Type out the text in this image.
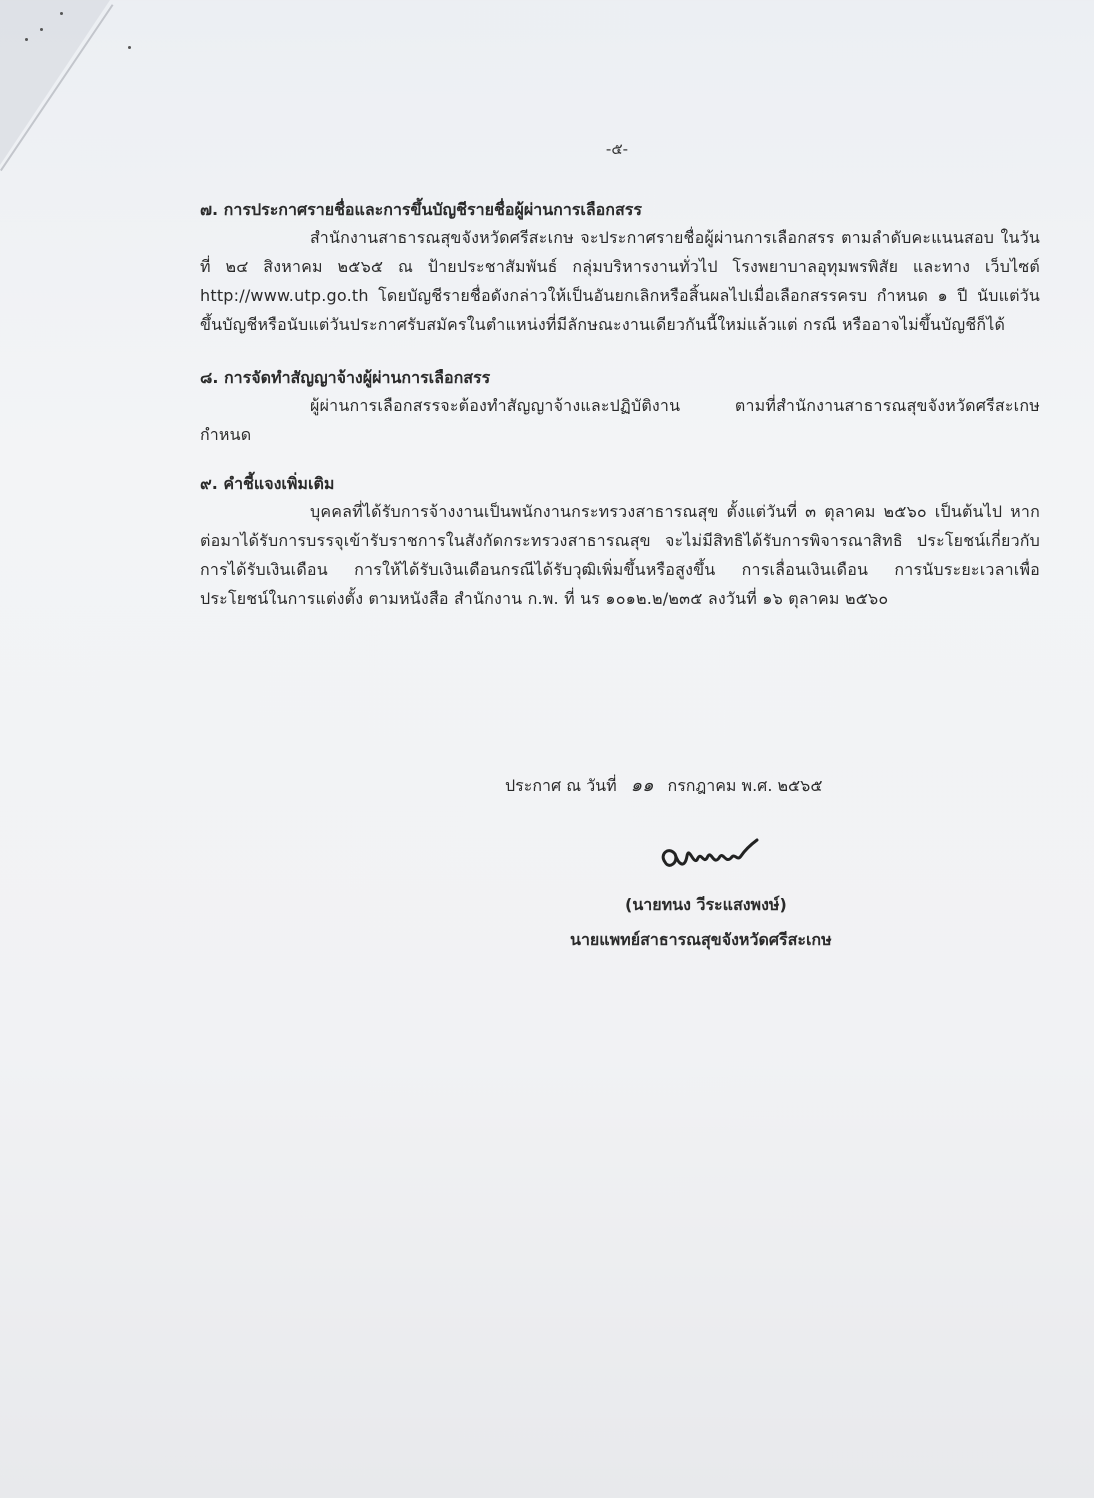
-๕-

๗. การประกาศรายชื่อและการขึ้นบัญชีรายชื่อผู้ผ่านการเลือกสรร

สำนักงานสาธารณสุขจังหวัดศรีสะเกษ จะประกาศรายชื่อผู้ผ่านการเลือกสรร ตามลำดับคะแนนสอบ ในวันที่ ๒๔ สิงหาคม ๒๕๖๕ ณ ป้ายประชาสัมพันธ์ กลุ่มบริหารงานทั่วไป โรงพยาบาลอุทุมพรพิสัย และทาง เว็บไซต์ http://www.utp.go.th โดยบัญชีรายชื่อดังกล่าวให้เป็นอันยกเลิกหรือสิ้นผลไปเมื่อเลือกสรรครบ กำหนด ๑ ปี นับแต่วันขึ้นบัญชีหรือนับแต่วันประกาศรับสมัครในตำแหน่งที่มีลักษณะงานเดียวกันนี้ใหม่แล้วแต่ กรณี หรืออาจไม่ขึ้นบัญชีก็ได้

๘. การจัดทำสัญญาจ้างผู้ผ่านการเลือกสรร

ผู้ผ่านการเลือกสรรจะต้องทำสัญญาจ้างและปฏิบัติงาน ตามที่สำนักงานสาธารณสุขจังหวัดศรีสะเกษ กำหนด

๙. คำชี้แจงเพิ่มเติม

บุคคลที่ได้รับการจ้างงานเป็นพนักงานกระทรวงสาธารณสุข ตั้งแต่วันที่ ๓ ตุลาคม ๒๕๖๐ เป็นต้นไป หากต่อมาได้รับการบรรจุเข้ารับราชการในสังกัดกระทรวงสาธารณสุข จะไม่มีสิทธิได้รับการพิจารณาสิทธิ ประโยชน์เกี่ยวกับการได้รับเงินเดือน การให้ได้รับเงินเดือนกรณีได้รับวุฒิเพิ่มขึ้นหรือสูงขึ้น การเลื่อนเงินเดือน การนับระยะเวลาเพื่อประโยชน์ในการแต่งตั้ง ตามหนังสือ สำนักงาน ก.พ. ที่ นร ๑๐๑๒.๒/๒๓๕ ลงวันที่ ๑๖ ตุลาคม ๒๕๖๐

ประกาศ ณ วันที่ ๑๑ กรกฎาคม พ.ศ. ๒๕๖๕
(นายทนง วีระแสงพงษ์)
นายแพทย์สาธารณสุขจังหวัดศรีสะเกษ
